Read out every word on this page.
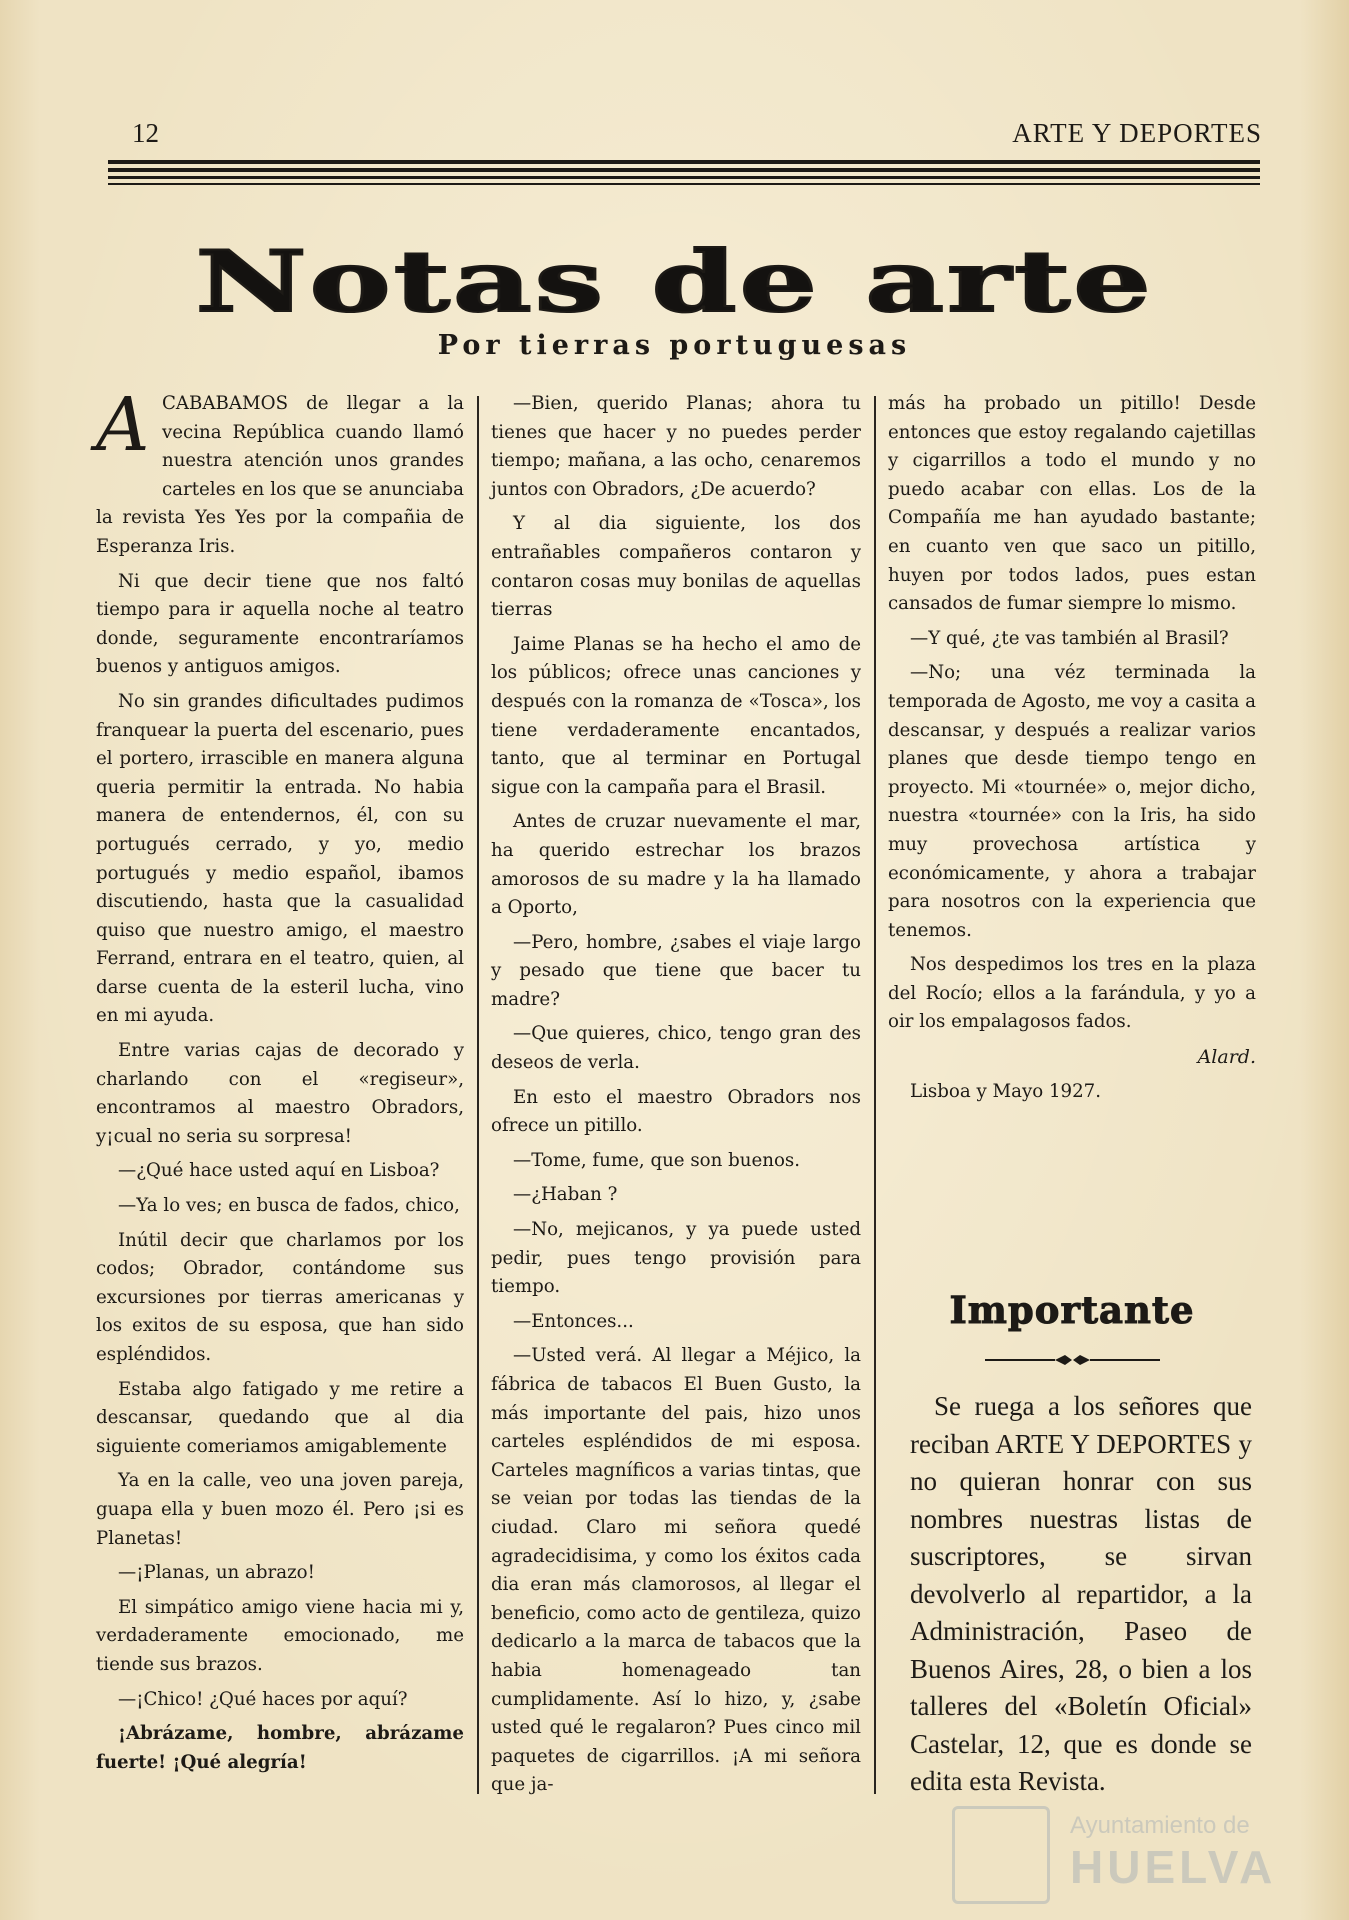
12	ARTE Y DEPORTES
Notas de arte
Por tierras portuguesas

ACABABAMOS de llegar a la vecina República cuando llamó nuestra atención unos grandes carteles en los que se anunciaba la revista Yes Yes por la compañia de Esperanza Iris.

Ni que decir tiene que nos faltó tiempo para ir aquella noche al teatro donde, seguramente encontraríamos buenos y antiguos amigos.

No sin grandes dificultades pudimos franquear la puerta del escenario, pues el portero, irrascible en manera alguna queria permitir la entrada. No habia manera de entendernos, él, con su portugués cerrado, y yo, medio portugués y medio español, ibamos discutiendo, hasta que la casualidad quiso que nuestro amigo, el maestro Ferrand, entrara en el teatro, quien, al darse cuenta de la esteril lucha, vino en mi ayuda.

Entre varias cajas de decorado y charlando con el «regiseur», encontramos al maestro Obradors, y¡cual no seria su sorpresa!

—¿Qué hace usted aquí en Lisboa?

—Ya lo ves; en busca de fados, chico,

Inútil decir que charlamos por los codos; Obrador, contándome sus excursiones por tierras americanas y los exitos de su esposa, que han sido espléndidos.

Estaba algo fatigado y me retire a descansar, quedando que al dia siguiente comeriamos amigablemente

Ya en la calle, veo una joven pareja, guapa ella y buen mozo él. Pero ¡si es Planetas!

—¡Planas, un abrazo!

El simpático amigo viene hacia mi y, verdaderamente emocionado, me tiende sus brazos.

—¡Chico! ¿Qué haces por aquí?

¡Abrázame, hombre, abrázame fuerte! ¡Qué alegría!

—Bien, querido Planas; ahora tu tienes que hacer y no puedes perder tiempo; mañana, a las ocho, cenaremos juntos con Obradors, ¿De acuerdo?

Y al dia siguiente, los dos entrañables compañeros contaron y contaron cosas muy bonilas de aquellas tierras

Jaime Planas se ha hecho el amo de los públicos; ofrece unas canciones y después con la romanza de «Tosca», los tiene verdaderamente encantados, tanto, que al terminar en Portugal sigue con la campaña para el Brasil.

Antes de cruzar nuevamente el mar, ha querido estrechar los brazos amorosos de su madre y la ha llamado a Oporto,

—Pero, hombre, ¿sabes el viaje largo y pesado que tiene que bacer tu madre?

—Que quieres, chico, tengo gran des deseos de verla.

En esto el maestro Obradors nos ofrece un pitillo.

—Tome, fume, que son buenos.

—¿Haban ?

—No, mejicanos, y ya puede usted pedir, pues tengo provisión para tiempo.

—Entonces...

—Usted verá. Al llegar a Méjico, la fábrica de tabacos El Buen Gusto, la más importante del pais, hizo unos carteles espléndidos de mi esposa. Carteles magníficos a varias tintas, que se veian por todas las tiendas de la ciudad. Claro mi señora quedé agradecidisima, y como los éxitos cada dia eran más clamorosos, al llegar el beneficio, como acto de gentileza, quizo dedicarlo a la marca de tabacos que la habia homenageado tan cumplidamente. Así lo hizo, y, ¿sabe usted qué le regalaron? Pues cinco mil paquetes de cigarrillos. ¡A mi señora que ja-

más ha probado un pitillo! Desde entonces que estoy regalando cajetillas y cigarrillos a todo el mundo y no puedo acabar con ellas. Los de la Compañía me han ayudado bastante; en cuanto ven que saco un pitillo, huyen por todos lados, pues estan cansados de fumar siempre lo mismo.

—Y qué, ¿te vas también al Brasil?

—No; una véz terminada la temporada de Agosto, me voy a casita a descansar, y después a realizar varios planes que desde tiempo tengo en proyecto. Mi «tournée» o, mejor dicho, nuestra «tournée» con la Iris, ha sido muy provechosa artística y económicamente, y ahora a trabajar para nosotros con la experiencia que tenemos.

Nos despedimos los tres en la plaza del Rocío; ellos a la farándula, y yo a oir los empalagosos fados.

Alard.

Lisboa y Mayo 1927.

Importante

Se ruega a los señores que reciban ARTE Y DEPORTES y no quieran honrar con sus nombres nuestras listas de suscriptores, se sirvan devolverlo al repartidor, a la Administración, Paseo de Buenos Aires, 28, o bien a los talleres del «Boletín Oficial» Castelar, 12, que es donde se edita esta Revista.

Ayuntamiento de
HUELVA
